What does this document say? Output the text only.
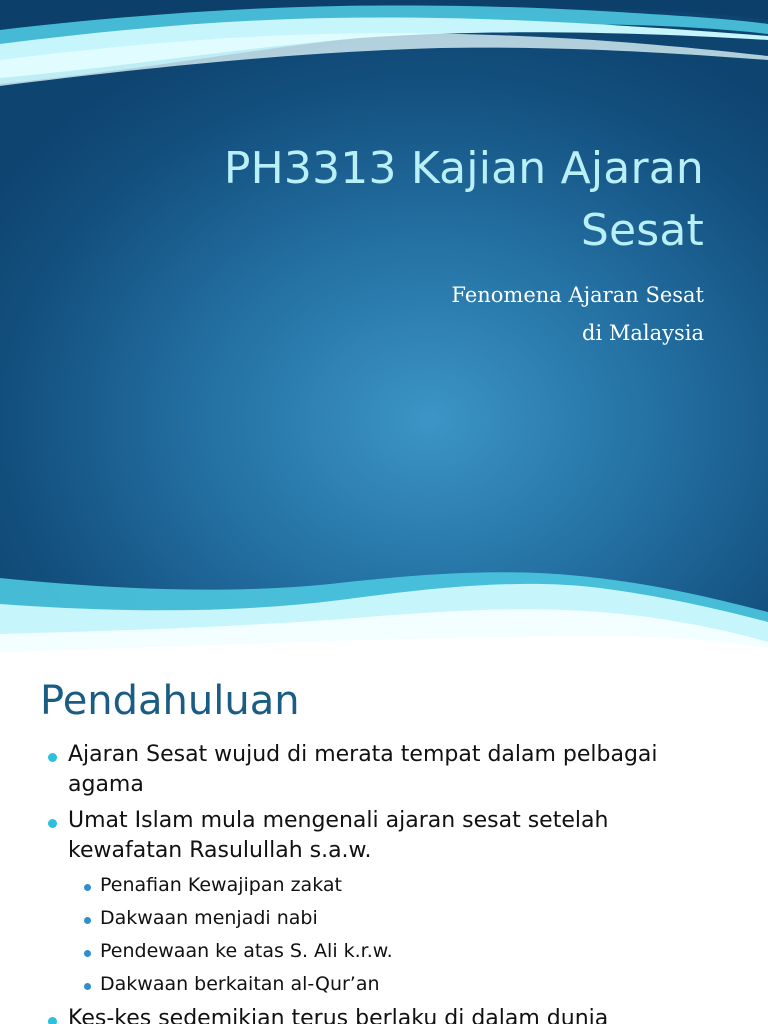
PH3313 Kajian Ajaran
Sesat
Fenomena Ajaran Sesat
di Malaysia
Pendahuluan
Ajaran Sesat wujud di merata tempat dalam pelbagai agama
Umat Islam mula mengenali ajaran sesat setelah kewafatan Rasulullah s.a.w.
Penafian Kewajipan zakat
Dakwaan menjadi nabi
Pendewaan ke atas S. Ali k.r.w.
Dakwaan berkaitan al-Qur’an
Kes-kes sedemikian terus berlaku di dalam dunia
